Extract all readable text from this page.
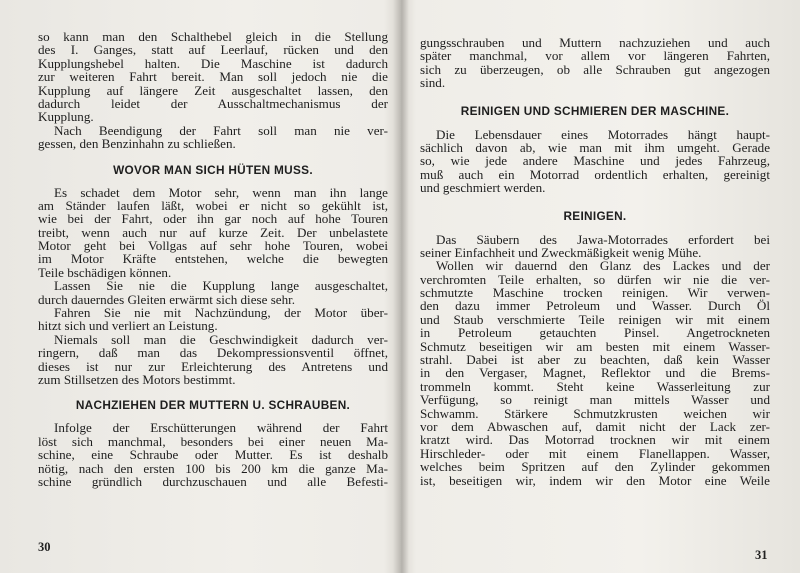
so kann man den Schalthebel gleich in die Stellung
des I. Ganges, statt auf Leerlauf, rücken und den
Kupplungshebel halten. Die Maschine ist dadurch
zur weiteren Fahrt bereit. Man soll jedoch nie die
Kupplung auf längere Zeit ausgeschaltet lassen, den
dadurch leidet der Ausschaltmechanismus der
Kupplung.
Nach Beendigung der Fahrt soll man nie ver-
gessen, den Benzinhahn zu schließen.
WOVOR MAN SICH HÜTEN MUSS.
Es schadet dem Motor sehr, wenn man ihn lange
am Ständer laufen läßt, wobei er nicht so gekühlt ist,
wie bei der Fahrt, oder ihn gar noch auf hohe Touren
treibt, wenn auch nur auf kurze Zeit. Der unbelastete
Motor geht bei Vollgas auf sehr hohe Touren, wobei
im Motor Kräfte entstehen, welche die bewegten
Teile bschädigen können.
Lassen Sie nie die Kupplung lange ausgeschaltet,
durch dauerndes Gleiten erwärmt sich diese sehr.
Fahren Sie nie mit Nachzündung, der Motor über-
hitzt sich und verliert an Leistung.
Niemals soll man die Geschwindigkeit dadurch ver-
ringern, daß man das Dekompressionsventil öffnet,
dieses ist nur zur Erleichterung des Antretens und
zum Stillsetzen des Motors bestimmt.
NACHZIEHEN DER MUTTERN U. SCHRAUBEN.
Infolge der Erschütterungen während der Fahrt
löst sich manchmal, besonders bei einer neuen Ma-
schine, eine Schraube oder Mutter. Es ist deshalb
nötig, nach den ersten 100 bis 200 km die ganze Ma-
schine gründlich durchzuschauen und alle Befesti-
30
gungsschrauben und Muttern nachzuziehen und auch
später manchmal, vor allem vor längeren Fahrten,
sich zu überzeugen, ob alle Schrauben gut angezogen
sind.
REINIGEN UND SCHMIEREN DER MASCHINE.
Die Lebensdauer eines Motorrades hängt haupt-
sächlich davon ab, wie man mit ihm umgeht. Gerade
so, wie jede andere Maschine und jedes Fahrzeug,
muß auch ein Motorrad ordentlich erhalten, gereinigt
und geschmiert werden.
REINIGEN.
Das Säubern des Jawa-Motorrades erfordert bei
seiner Einfachheit und Zweckmäßigkeit wenig Mühe.
Wollen wir dauernd den Glanz des Lackes und der
verchromten Teile erhalten, so dürfen wir nie die ver-
schmutzte Maschine trocken reinigen. Wir verwen-
den dazu immer Petroleum und Wasser. Durch Öl
und Staub verschmierte Teile reinigen wir mit einem
in Petroleum getauchten Pinsel. Angetrockneten
Schmutz beseitigen wir am besten mit einem Wasser-
strahl. Dabei ist aber zu beachten, daß kein Wasser
in den Vergaser, Magnet, Reflektor und die Brems-
trommeln kommt. Steht keine Wasserleitung zur
Verfügung, so reinigt man mittels Wasser und
Schwamm. Stärkere Schmutzkrusten weichen wir
vor dem Abwaschen auf, damit nicht der Lack zer-
kratzt wird. Das Motorrad trocknen wir mit einem
Hirschleder- oder mit einem Flanellappen. Wasser,
welches beim Spritzen auf den Zylinder gekommen
ist, beseitigen wir, indem wir den Motor eine Weile
31
